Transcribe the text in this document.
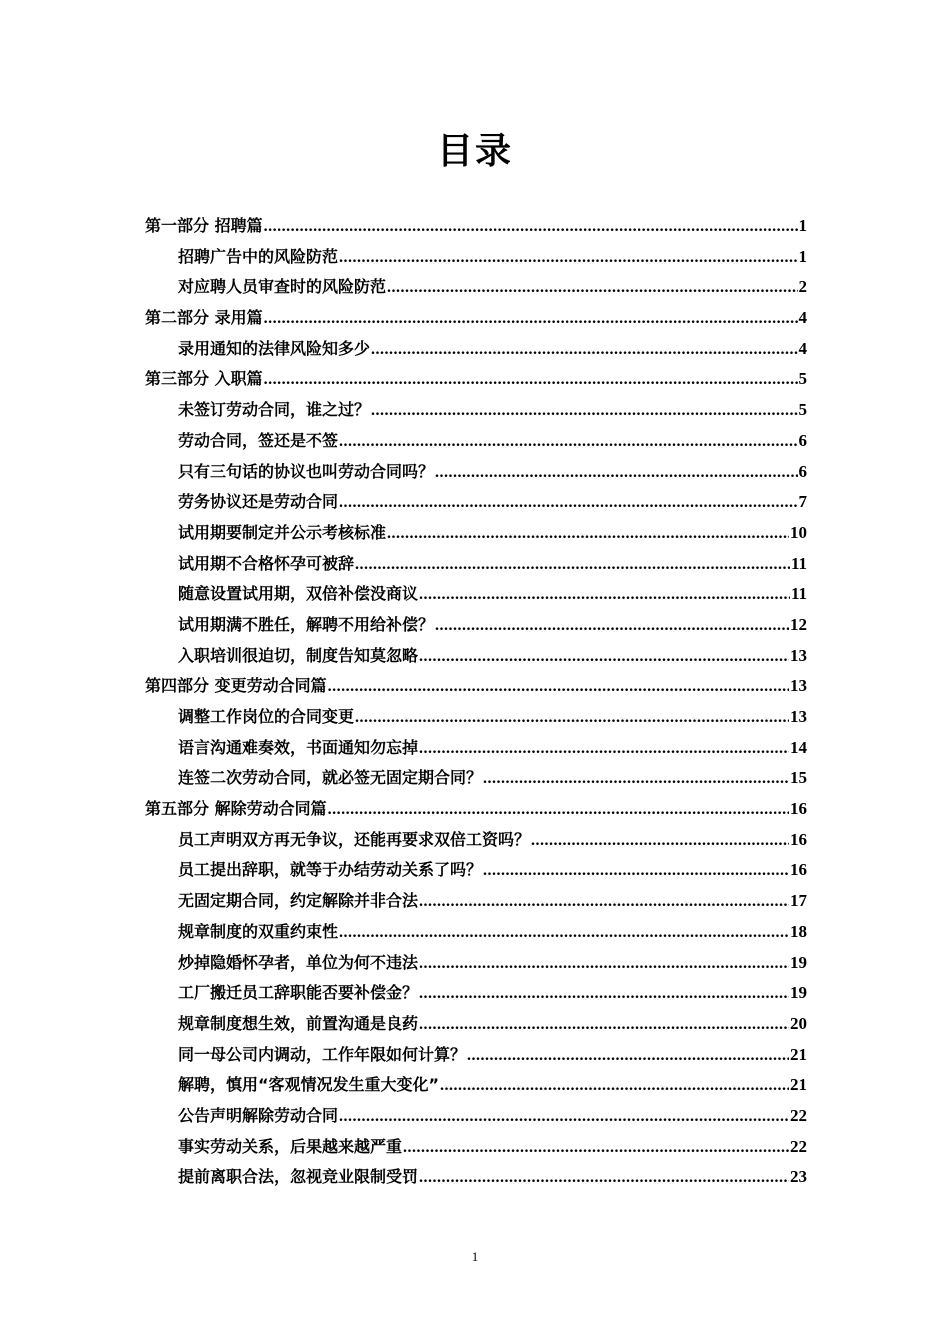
目录
第一部分 招聘篇 .....	1
招聘广告中的风险防范 .....	1
对应聘人员审查时的风险防范 .....	2
第二部分 录用篇 .....	4
录用通知的法律风险知多少 .....	4
第三部分 入职篇 .....	5
未签订劳动合同，谁之过？ .....	5
劳动合同，签还是不签 .....	6
只有三句话的协议也叫劳动合同吗？ .....	6
劳务协议还是劳动合同 .....	7
试用期要制定并公示考核标准 .....	10
试用期不合格怀孕可被辞 .....	11
随意设置试用期，双倍补偿没商议 .....	11
试用期满不胜任，解聘不用给补偿？ .....	12
入职培训很迫切，制度告知莫忽略 .....	13
第四部分 变更劳动合同篇 .....	13
调整工作岗位的合同变更 .....	13
语言沟通难奏效，书面通知勿忘掉 .....	14
连签二次劳动合同，就必签无固定期合同？ .....	15
第五部分 解除劳动合同篇 .....	16
员工声明双方再无争议，还能再要求双倍工资吗？ .....	16
员工提出辞职，就等于办结劳动关系了吗？ .....	16
无固定期合同，约定解除并非合法 .....	17
规章制度的双重约束性 .....	18
炒掉隐婚怀孕者，单位为何不违法 .....	19
工厂搬迁员工辞职能否要补偿金？ .....	19
规章制度想生效，前置沟通是良药 .....	20
同一母公司内调动，工作年限如何计算？ .....	21
解聘，慎用“客观情况发生重大变化” .....	21
公告声明解除劳动合同 .....	22
事实劳动关系，后果越来越严重 .....	22
提前离职合法，忽视竞业限制受罚 .....	23
1
